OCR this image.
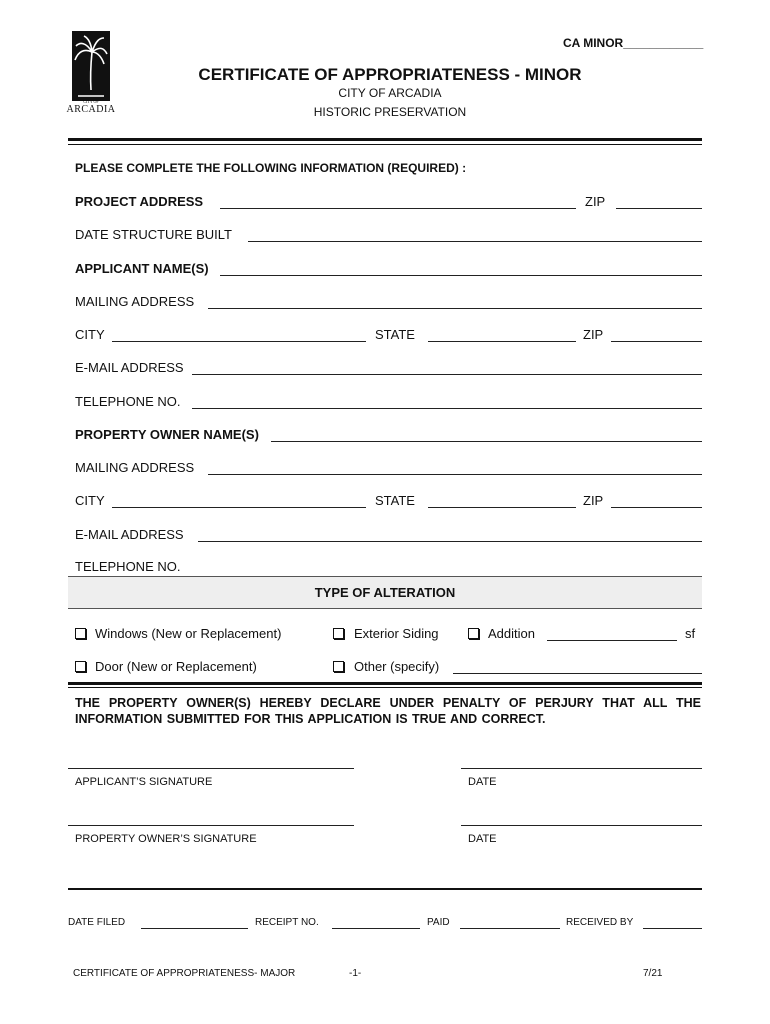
CA MINOR____________
CITY OF
ARCADIA
CERTIFICATE OF APPROPRIATENESS - MINOR
CITY OF ARCADIA
HISTORIC PRESERVATION
PLEASE COMPLETE THE FOLLOWING INFORMATION (REQUIRED) :
PROJECT ADDRESS	ZIP
DATE STRUCTURE BUILT
APPLICANT NAME(S)
MAILING ADDRESS
CITY	STATE	ZIP
E-MAIL ADDRESS
TELEPHONE NO.
PROPERTY OWNER NAME(S)
MAILING ADDRESS
CITY	STATE	ZIP
E-MAIL ADDRESS
TELEPHONE NO.
TYPE OF ALTERATION
Windows (New or Replacement)	Exterior Siding	Addition	sf
Door (New or Replacement)	Other (specify)
THE PROPERTY OWNER(S) HEREBY DECLARE UNDER PENALTY OF PERJURY THAT ALL THE INFORMATION SUBMITTED FOR THIS APPLICATION IS TRUE AND CORRECT.
APPLICANT’S SIGNATURE	DATE
PROPERTY OWNER’S SIGNATURE	DATE
DATE FILED	RECEIPT NO.	PAID	RECEIVED BY
CERTIFICATE OF APPROPRIATENESS- MAJOR	-1-	7/21
